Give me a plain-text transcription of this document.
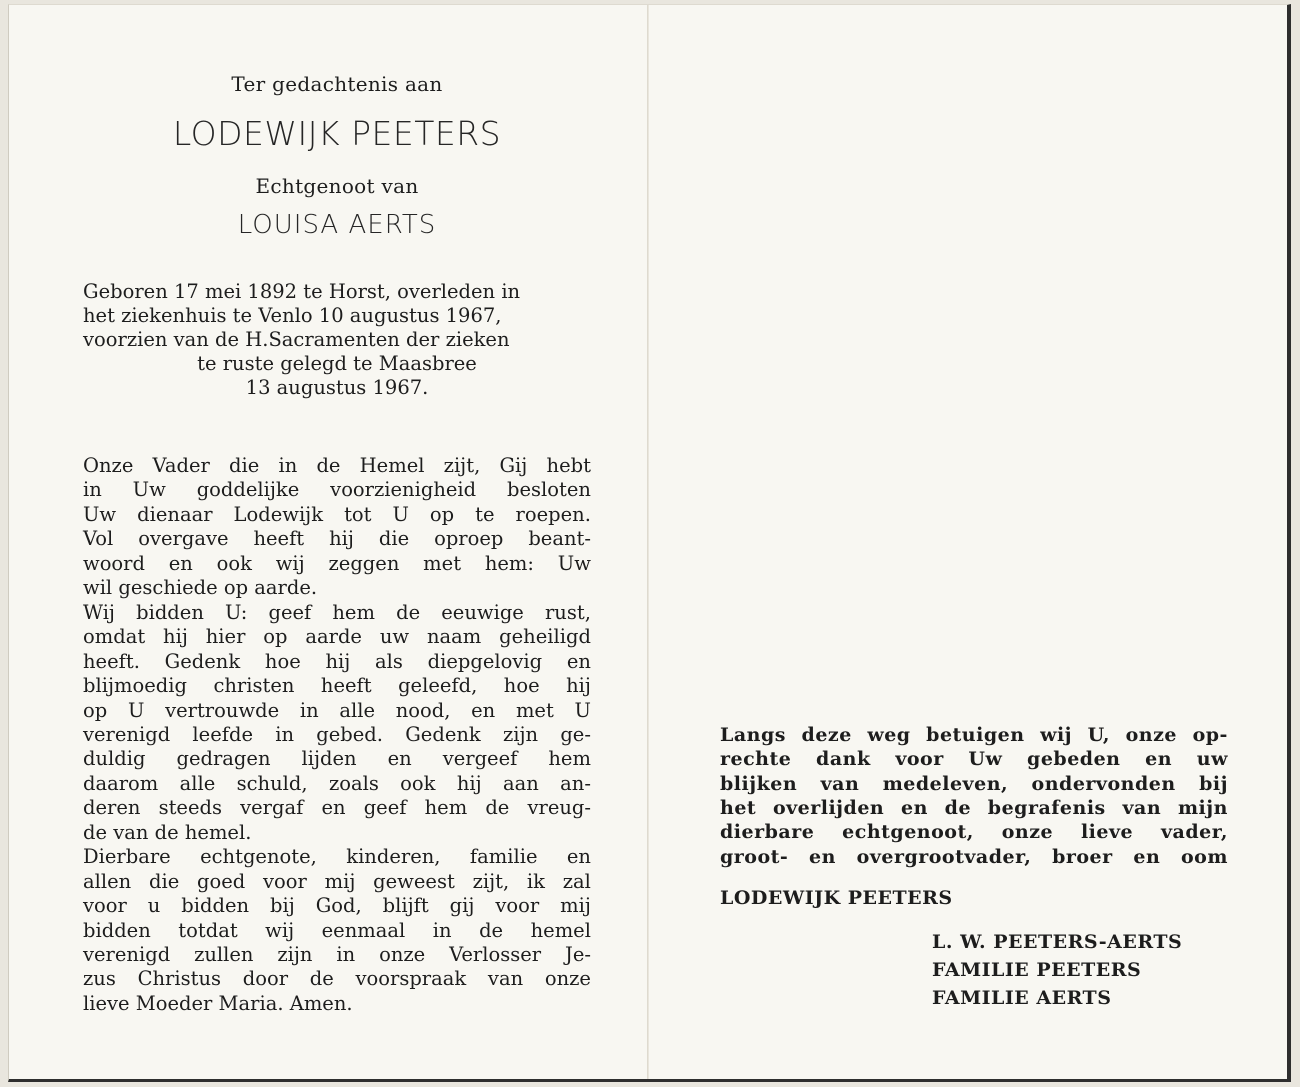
Ter gedachtenis aan
LODEWIJK PEETERS
Echtgenoot van
LOUISA AERTS
Geboren 17 mei 1892 te Horst, overleden in
het ziekenhuis te Venlo 10 augustus 1967,
voorzien van de H.Sacramenten der zieken
te ruste gelegd te Maasbree
13 augustus 1967.
Onze Vader die in de Hemel zijt, Gij hebt
in Uw goddelijke voorzienigheid besloten
Uw dienaar Lodewijk tot U op te roepen.
Vol overgave heeft hij die oproep beant-
woord en ook wij zeggen met hem: Uw
wil geschiede op aarde.
Wij bidden U: geef hem de eeuwige rust,
omdat hij hier op aarde uw naam geheiligd
heeft. Gedenk hoe hij als diepgelovig en
blijmoedig christen heeft geleefd, hoe hij
op U vertrouwde in alle nood, en met U
verenigd leefde in gebed. Gedenk zijn ge-
duldig gedragen lijden en vergeef hem
daarom alle schuld, zoals ook hij aan an-
deren steeds vergaf en geef hem de vreug-
de van de hemel.
Dierbare echtgenote, kinderen, familie en
allen die goed voor mij geweest zijt, ik zal
voor u bidden bij God, blijft gij voor mij
bidden totdat wij eenmaal in de hemel
verenigd zullen zijn in onze Verlosser Je-
zus Christus door de voorspraak van onze
lieve Moeder Maria. Amen.
Langs deze weg betuigen wij U, onze op-
rechte dank voor Uw gebeden en uw
blijken van medeleven, ondervonden bij
het overlijden en de begrafenis van mijn
dierbare echtgenoot, onze lieve vader,
groot- en overgrootvader, broer en oom
LODEWIJK PEETERS
L. W. PEETERS-AERTS
FAMILIE PEETERS
FAMILIE AERTS
